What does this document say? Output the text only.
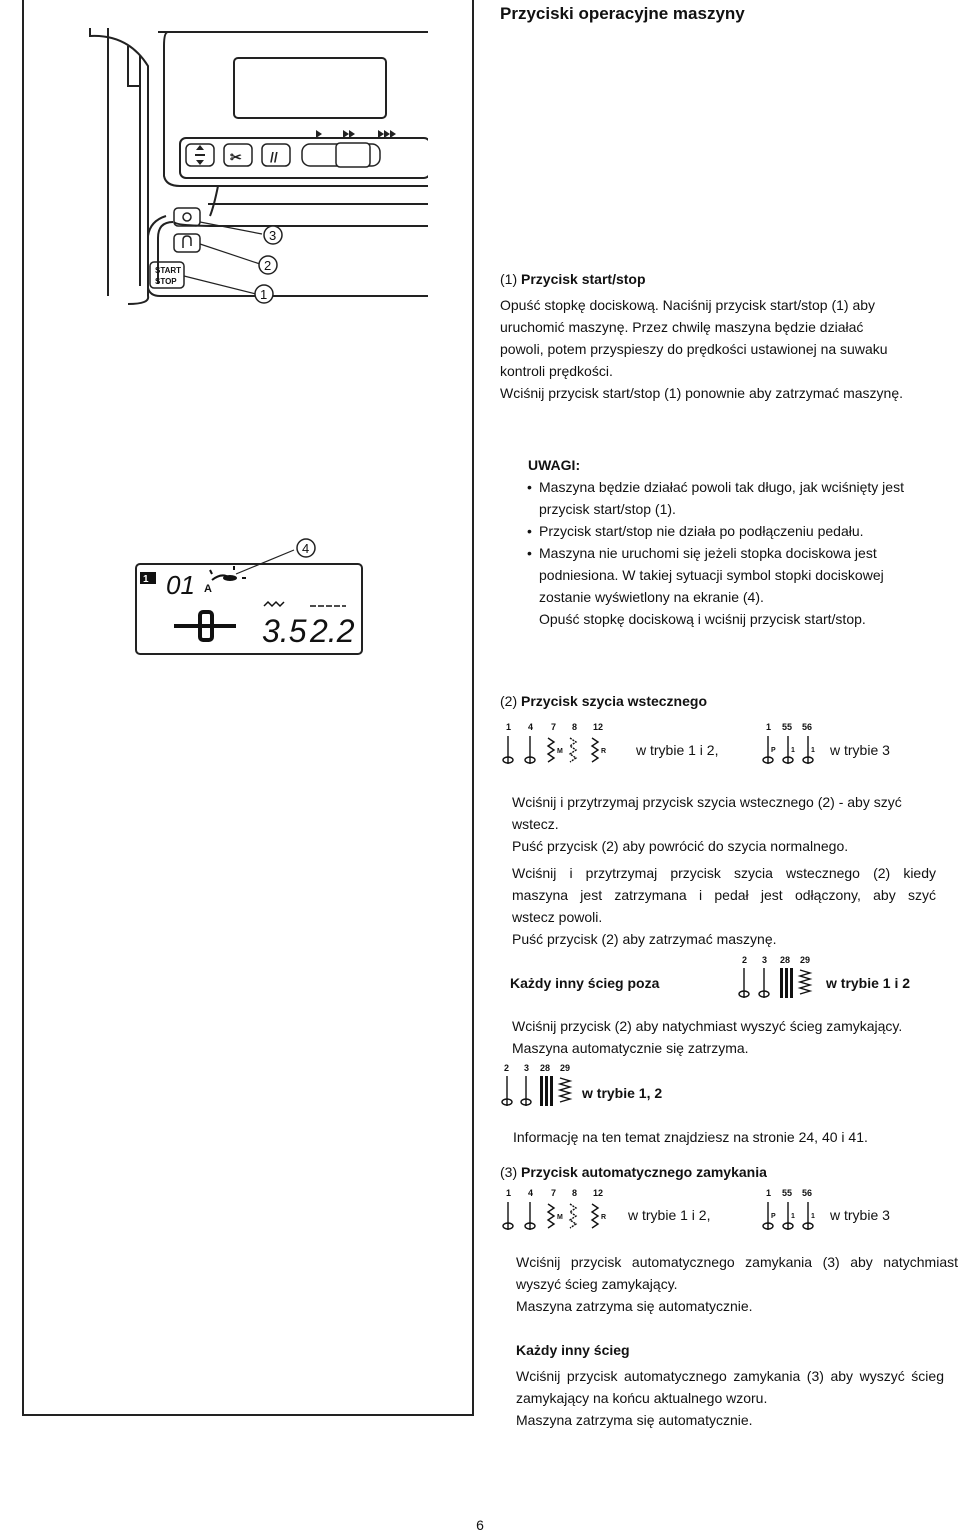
Przyciski operacyjne maszyny
✂ //
START
STOP
3
2
1
(1) Przycisk start/stop
Opuść stopkę dociskową. Naciśnij przycisk start/stop (1) aby
uruchomić maszynę. Przez chwilę maszyna będzie działać
powoli, potem przyspieszy do prędkości ustawionej na suwaku
kontroli prędkości.
Wciśnij przycisk start/stop (1) ponownie aby zatrzymać maszynę.
UWAGI:
• Maszyna będzie działać powoli tak długo, jak wciśnięty jest
przycisk start/stop (1).
• Przycisk start/stop nie działa po podłączeniu pedału.
• Maszyna nie uruchomi się jeżeli stopka dociskowa jest
podniesiona. W takiej sytuacji symbol stopki dociskowej
zostanie wyświetlony na ekranie (4).
Opuść stopkę dociskową i wciśnij przycisk start/stop.
1 01 A
4
3.5 2.2
(2) Przycisk szycia wstecznego
1 4 7 8 12
M	R w trybie 1 i 2,
1 55 56
P 1 1 w trybie 3
Wciśnij i przytrzymaj przycisk szycia wstecznego (2) - aby szyć
wstecz.
Puść przycisk (2) aby powrócić do szycia normalnego.
Wciśnij i przytrzymaj przycisk szycia wstecznego (2) kiedy
maszyna jest zatrzymana i pedał jest odłączony, aby szyć
wstecz powoli.
Puść przycisk (2) aby zatrzymać maszynę.
Każdy inny ścieg poza
2 3 28 29
w trybie 1 i 2
Wciśnij przycisk (2) aby natychmiast wyszyć ścieg zamykający.
Maszyna automatycznie się zatrzyma.
2 3 28 29
w trybie 1, 2
Informację na ten temat znajdziesz na stronie 24, 40 i 41.
(3) Przycisk automatycznego zamykania
1 4 7 8 12
M	R w trybie 1 i 2,
1 55 56
P 1 1 w trybie 3
Wciśnij przycisk automatycznego zamykania (3) aby natychmiast
wyszyć ścieg zamykający.
Maszyna zatrzyma się automatycznie.
Każdy inny ścieg
Wciśnij przycisk automatycznego zamykania (3) aby wyszyć ścieg
zamykający na końcu aktualnego wzoru.
Maszyna zatrzyma się automatycznie.
6
